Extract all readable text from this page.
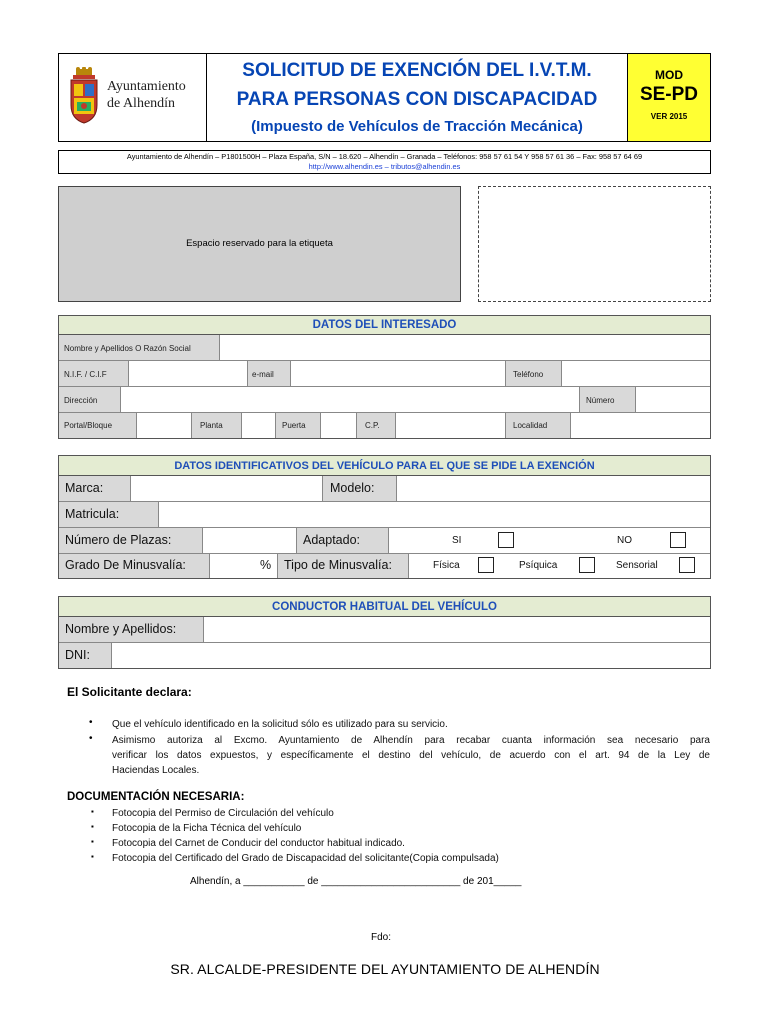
Ayuntamiento
de Alhendín
SOLICITUD DE EXENCIÓN DEL I.V.T.M.
PARA PERSONAS CON DISCAPACIDAD
(Impuesto de Vehículos de Tracción Mecánica)
MOD
SE-PD
VER 2015
Ayuntamiento de Alhendín – P1801500H – Plaza España, S/N – 18.620 – Alhendín – Granada – Teléfonos: 958 57 61 54 Y 958 57 61 36 – Fax: 958 57 64 69
http://www.alhendin.es – tributos@alhendin.es
Espacio reservado para la etiqueta
DATOS DEL INTERESADO
Nombre y Apellidos O Razón Social
N.I.F. / C.I.F	e-mail	Teléfono
Dirección	Número
Portal/Bloque	Planta	Puerta	C.P.	Localidad
DATOS IDENTIFICATIVOS DEL VEHÍCULO PARA EL QUE SE PIDE LA EXENCIÓN
Marca:	Modelo:
Matricula:
Número de Plazas:	Adaptado:	SI	NO
Grado De Minusvalía:	% Tipo de Minusvalía:	Física	Psíquica	Sensorial
CONDUCTOR HABITUAL DEL VEHÍCULO
Nombre y Apellidos:
DNI:
El Solicitante declara:
• Que el vehículo identificado en la solicitud sólo es utilizado para su servicio.
• Asimismo autoriza al Excmo. Ayuntamiento de Alhendín para recabar cuanta información sea necesario para
verificar los datos expuestos, y específicamente el destino del vehículo, de acuerdo con el art. 94 de la Ley de
Haciendas Locales.
DOCUMENTACIÓN NECESARIA:
▪ Fotocopia del Permiso de Circulación del vehículo
▪ Fotocopia de la Ficha Técnica del vehículo
▪ Fotocopia del Carnet de Conducir del conductor habitual indicado.
▪ Fotocopia del Certificado del Grado de Discapacidad del solicitante(Copia compulsada)
Alhendín, a ___________ de _________________________ de 201_____
Fdo:
SR. ALCALDE-PRESIDENTE DEL AYUNTAMIENTO DE ALHENDÍN
